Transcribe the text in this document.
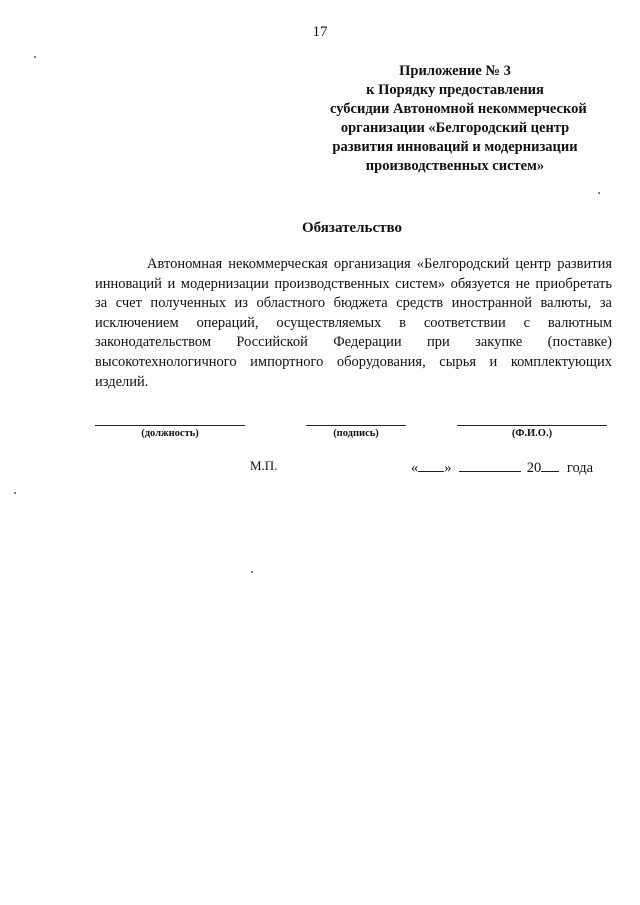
17
Приложение № 3
к Порядку предоставления
субсидии Автономной некоммерческой
организации «Белгородский центр
развития инноваций и модернизации
производственных систем»
Обязательство

Автономная некоммерческая организация «Белгородский центр развития инноваций и модернизации производственных систем» обязуется не приобретать за счет полученных из областного бюджета средств иностранной валюты, за исключением операций, осуществляемых в соответствии с валютным законодательством Российской Федерации при закупке (поставке) высокотехнологичного импортного оборудования, сырья и комплектующих изделий.

(должность)	(подпись)	(Ф.И.О.)
М.П.	« »	20 года
